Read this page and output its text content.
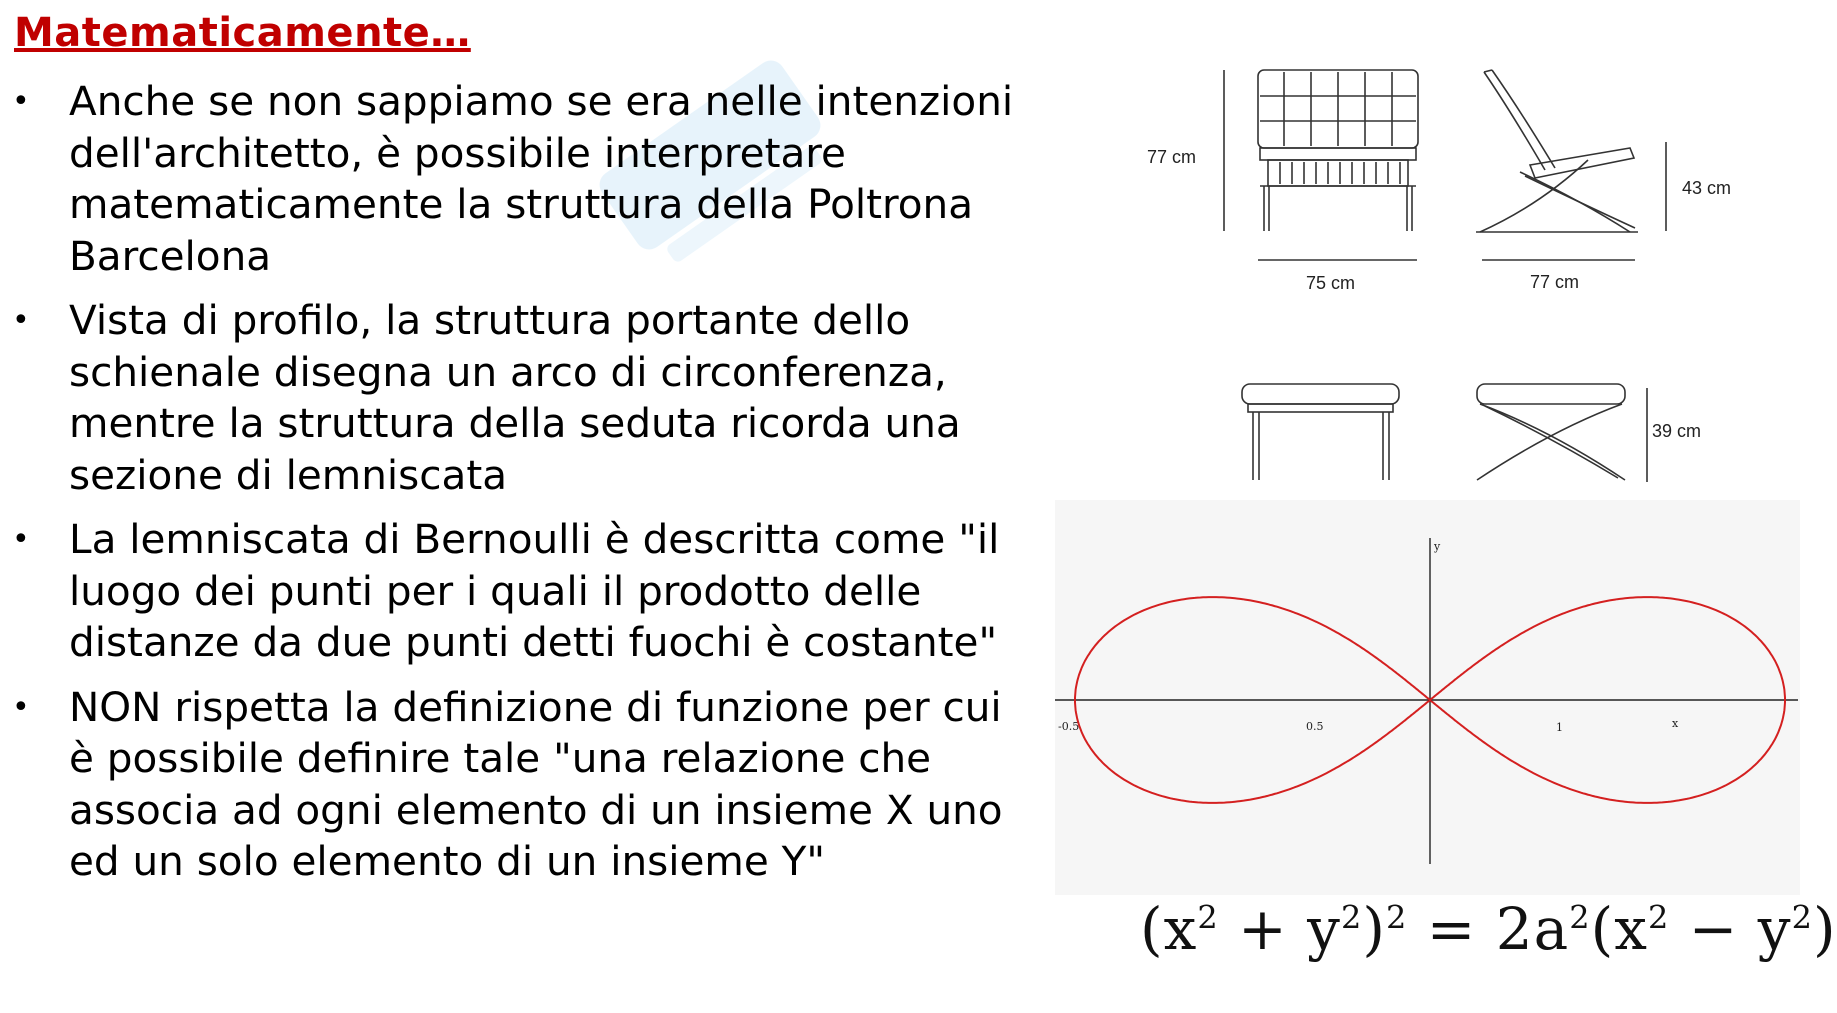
Matematicamente…
• Anche se non sappiamo se era nelle intenzioni dell'architetto, è possibile interpretare matematicamente la struttura della Poltrona Barcelona
• Vista di profilo, la struttura portante dello schienale disegna un arco di circonferenza, mentre la struttura della seduta ricorda una sezione di lemniscata
• La lemniscata di Bernoulli è descritta come "il luogo dei punti per i quali il prodotto delle distanze da due punti detti fuochi è costante"
• NON rispetta la definizione di funzione per cui è possibile definire tale "una relazione che associa ad ogni elemento di un insieme X uno ed un solo elemento di un insieme Y"
77 cm
75 cm	77 cm
43 cm
39 cm
y
x
-0.5	0.5	1
$(x^2 + y^2)^2 = 2a^2(x^2 - y^2)$
